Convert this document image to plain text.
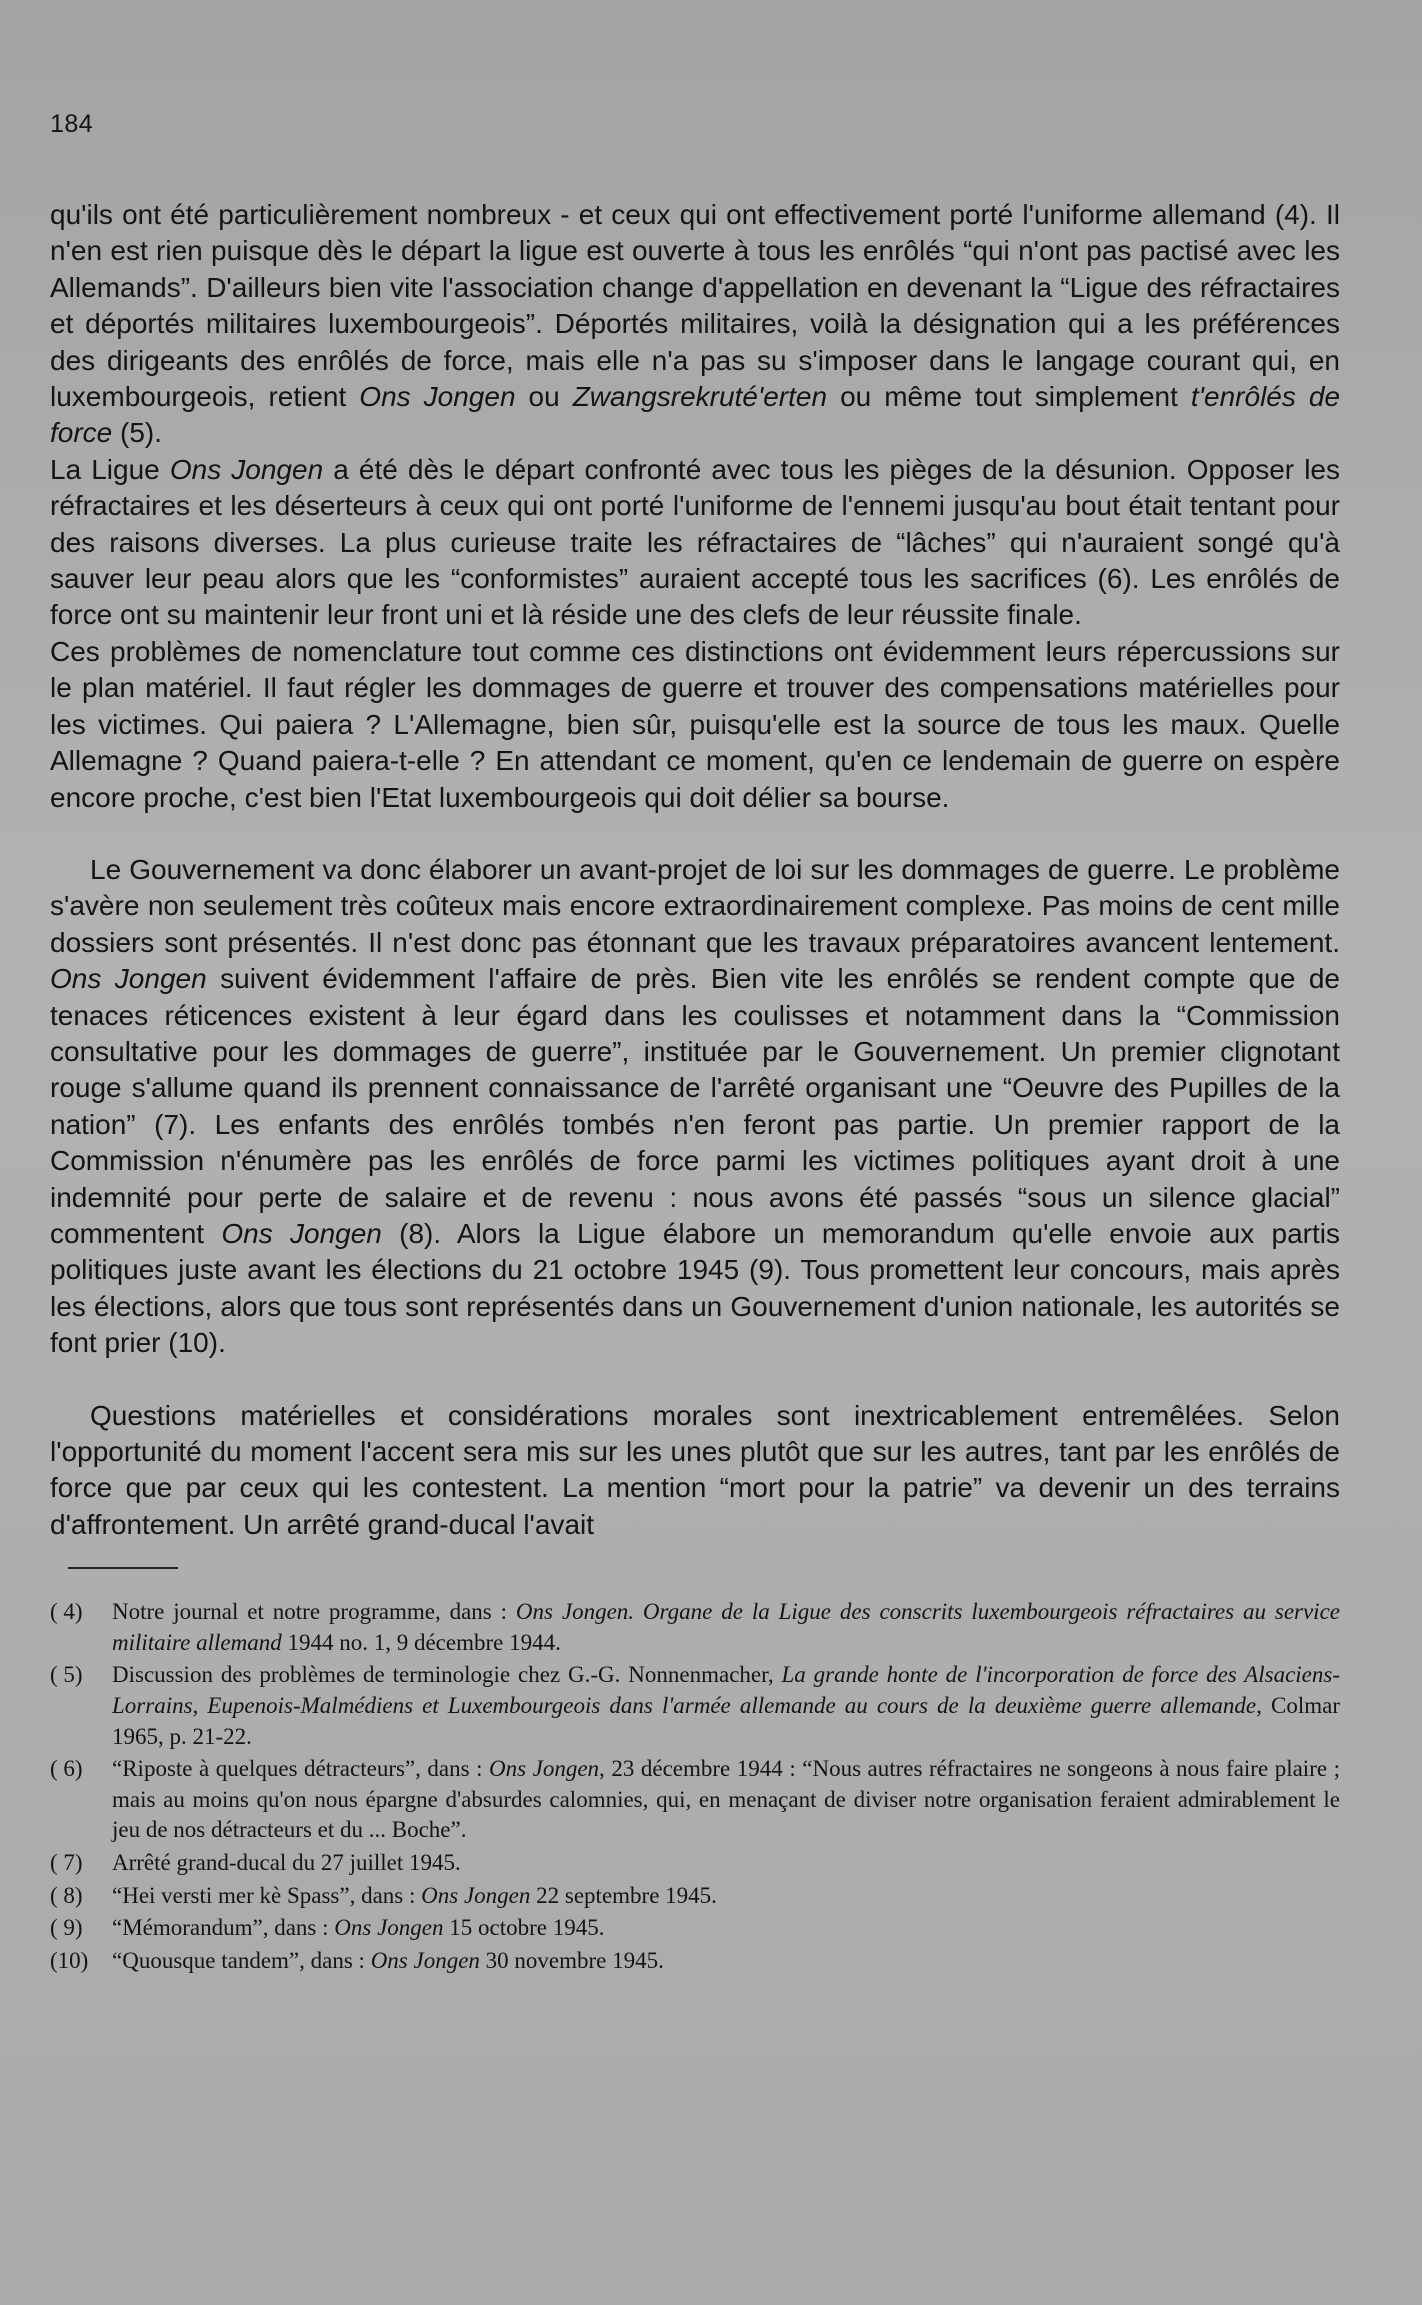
184

qu'ils ont été particulièrement nombreux - et ceux qui ont effectivement porté l'uniforme allemand (4). Il n'en est rien puisque dès le départ la ligue est ouverte à tous les enrôlés “qui n'ont pas pactisé avec les Allemands”. D'ailleurs bien vite l'association change d'appellation en devenant la “Ligue des réfractaires et déportés militaires luxembourgeois”. Déportés militaires, voilà la désignation qui a les préférences des dirigeants des enrôlés de force, mais elle n'a pas su s'imposer dans le langage courant qui, en luxembourgeois, retient Ons Jongen ou Zwangsrekruté'erten ou même tout simplement t'enrôlés de force (5).

La Ligue Ons Jongen a été dès le départ confronté avec tous les pièges de la désunion. Opposer les réfractaires et les déserteurs à ceux qui ont porté l'uniforme de l'ennemi jusqu'au bout était tentant pour des raisons diverses. La plus curieuse traite les réfractaires de “lâches” qui n'auraient songé qu'à sauver leur peau alors que les “conformistes” auraient accepté tous les sacrifices (6). Les enrôlés de force ont su maintenir leur front uni et là réside une des clefs de leur réussite finale.

Ces problèmes de nomenclature tout comme ces distinctions ont évidemment leurs répercussions sur le plan matériel. Il faut régler les dommages de guerre et trouver des compensations matérielles pour les victimes. Qui paiera ? L'Allemagne, bien sûr, puisqu'elle est la source de tous les maux. Quelle Allemagne ? Quand paiera-t-elle ? En attendant ce moment, qu'en ce lendemain de guerre on espère encore proche, c'est bien l'Etat luxembourgeois qui doit délier sa bourse.

Le Gouvernement va donc élaborer un avant-projet de loi sur les dommages de guerre. Le problème s'avère non seulement très coûteux mais encore extraordinairement complexe. Pas moins de cent mille dossiers sont présentés. Il n'est donc pas étonnant que les travaux préparatoires avancent lentement. Ons Jongen suivent évidemment l'affaire de près. Bien vite les enrôlés se rendent compte que de tenaces réticences existent à leur égard dans les coulisses et notamment dans la “Commission consultative pour les dommages de guerre”, instituée par le Gouvernement. Un premier clignotant rouge s'allume quand ils prennent connaissance de l'arrêté organisant une “Oeuvre des Pupilles de la nation” (7). Les enfants des enrôlés tombés n'en feront pas partie. Un premier rapport de la Commission n'énumère pas les enrôlés de force parmi les victimes politiques ayant droit à une indemnité pour perte de salaire et de revenu : nous avons été passés “sous un silence glacial” commentent Ons Jongen (8). Alors la Ligue élabore un memorandum qu'elle envoie aux partis politiques juste avant les élections du 21 octobre 1945 (9). Tous promettent leur concours, mais après les élections, alors que tous sont représentés dans un Gouvernement d'union nationale, les autorités se font prier (10).

Questions matérielles et considérations morales sont inextricablement entremêlées. Selon l'opportunité du moment l'accent sera mis sur les unes plutôt que sur les autres, tant par les enrôlés de force que par ceux qui les contestent. La mention “mort pour la patrie” va devenir un des terrains d'affrontement. Un arrêté grand-ducal l'avait

( 4)	Notre journal et notre programme, dans : Ons Jongen. Organe de la Ligue des conscrits luxembourgeois réfractaires au service militaire allemand 1944 no. 1, 9 décembre 1944.
( 5)	Discussion des problèmes de terminologie chez G.-G. Nonnenmacher, La grande honte de l'incorporation de force des Alsaciens-Lorrains, Eupenois-Malmédiens et Luxembourgeois dans l'armée allemande au cours de la deuxième guerre allemande, Colmar 1965, p. 21-22.
( 6)	“Riposte à quelques détracteurs”, dans : Ons Jongen, 23 décembre 1944 : “Nous autres réfractaires ne songeons à nous faire plaire ; mais au moins qu'on nous épargne d'absurdes calomnies, qui, en menaçant de diviser notre organisation feraient admirablement le jeu de nos détracteurs et du ... Boche”.
( 7)	Arrêté grand-ducal du 27 juillet 1945.
( 8)	“Hei versti mer kè Spass”, dans : Ons Jongen 22 septembre 1945.
( 9)	“Mémorandum”, dans : Ons Jongen 15 octobre 1945.
(10)	“Quousque tandem”, dans : Ons Jongen 30 novembre 1945.
